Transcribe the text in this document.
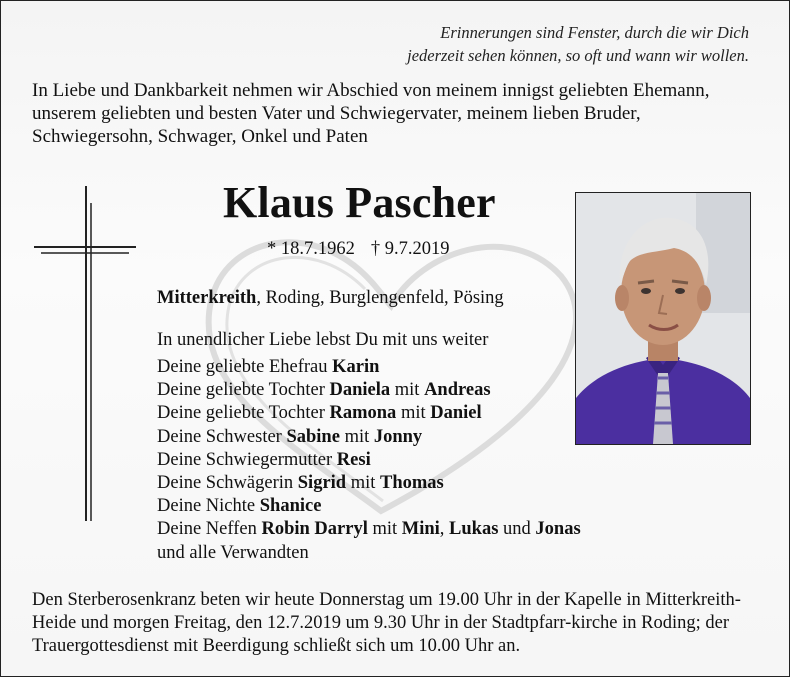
Erinnerungen sind Fenster, durch die wir Dich
jederzeit sehen können, so oft und wann wir wollen.
In Liebe und Dankbarkeit nehmen wir Abschied von meinem innigst geliebten Ehemann, unserem geliebten und besten Vater und Schwiegervater, meinem lieben Bruder, Schwiegersohn, Schwager, Onkel und Paten
Klaus Pascher
* 18.7.1962 † 9.7.2019
Mitterkreith, Roding, Burglengenfeld, Pösing
In unendlicher Liebe lebst Du mit uns weiter
Deine geliebte Ehefrau Karin
Deine geliebte Tochter Daniela mit Andreas
Deine geliebte Tochter Ramona mit Daniel
Deine Schwester Sabine mit Jonny
Deine Schwiegermutter Resi
Deine Schwägerin Sigrid mit Thomas
Deine Nichte Shanice
Deine Neffen Robin Darryl mit Mini, Lukas und Jonas
und alle Verwandten
Den Sterberosenkranz beten wir heute Donnerstag um 19.00 Uhr in der Kapelle in Mitterkreith-Heide und morgen Freitag, den 12.7.2019 um 9.30 Uhr in der Stadtpfarr-kirche in Roding; der Trauergottesdienst mit Beerdigung schließt sich um 10.00 Uhr an.
